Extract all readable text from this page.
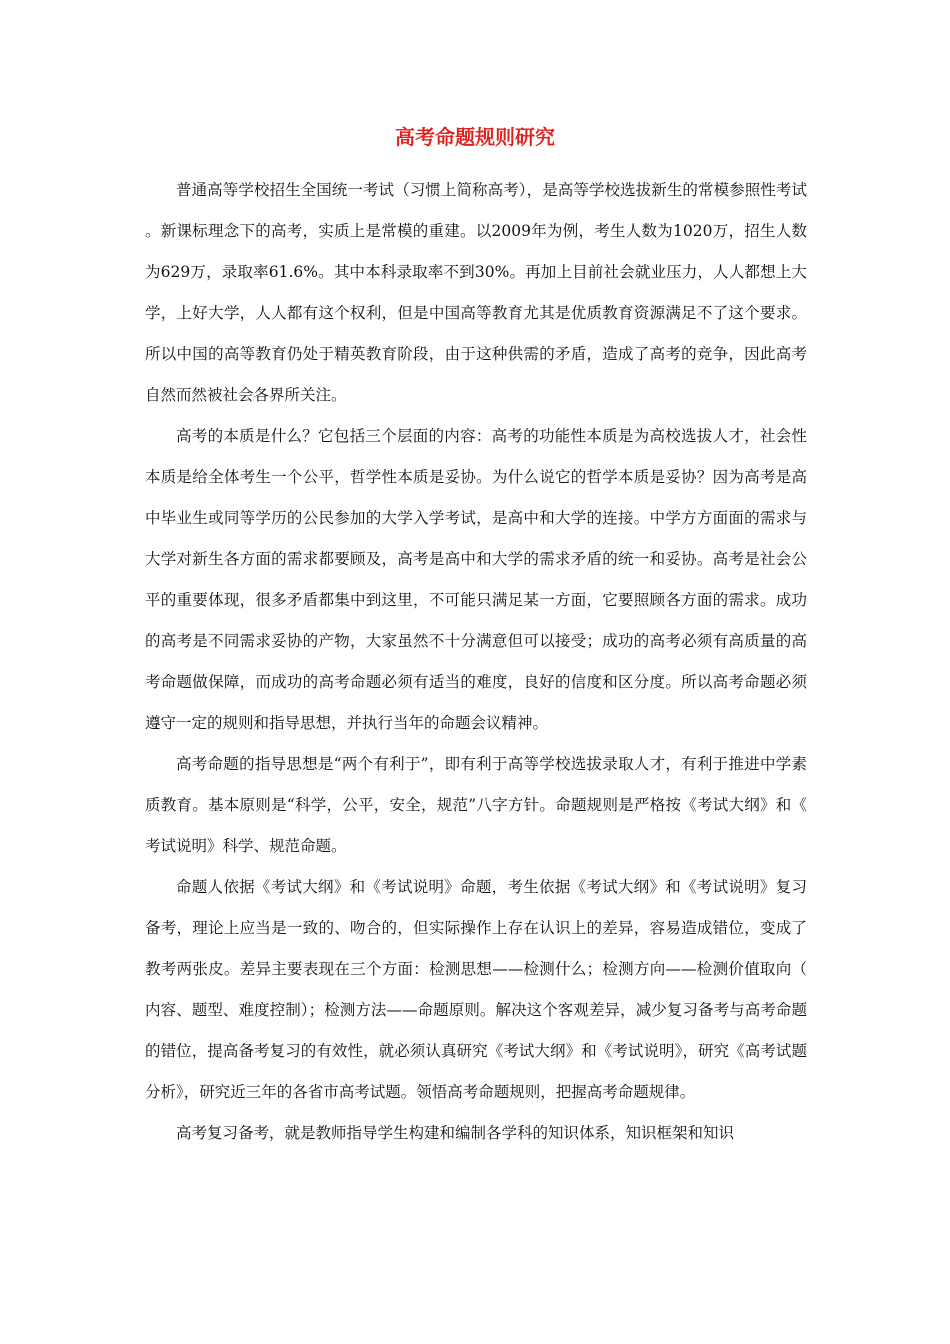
高考命题规则研究

普通高等学校招生全国统一考试（习惯上简称高考），是高等学校选拔新生的常模参照性考试。新课标理念下的高考，实质上是常模的重建。以2009年为例，考生人数为1020万，招生人数为629万，录取率61.6%。其中本科录取率不到30%。再加上目前社会就业压力，人人都想上大学，上好大学，人人都有这个权利，但是中国高等教育尤其是优质教育资源满足不了这个要求。所以中国的高等教育仍处于精英教育阶段，由于这种供需的矛盾，造成了高考的竞争，因此高考自然而然被社会各界所关注。

高考的本质是什么？它包括三个层面的内容：高考的功能性本质是为高校选拔人才，社会性本质是给全体考生一个公平，哲学性本质是妥协。为什么说它的哲学本质是妥协？因为高考是高中毕业生或同等学历的公民参加的大学入学考试，是高中和大学的连接。中学方方面面的需求与大学对新生各方面的需求都要顾及，高考是高中和大学的需求矛盾的统一和妥协。高考是社会公平的重要体现，很多矛盾都集中到这里，不可能只满足某一方面，它要照顾各方面的需求。成功的高考是不同需求妥协的产物，大家虽然不十分满意但可以接受；成功的高考必须有高质量的高考命题做保障，而成功的高考命题必须有适当的难度，良好的信度和区分度。所以高考命题必须遵守一定的规则和指导思想，并执行当年的命题会议精神。

高考命题的指导思想是“两个有利于”，即有利于高等学校选拔录取人才，有利于推进中学素质教育。基本原则是“科学，公平，安全，规范”八字方针。命题规则是严格按《考试大纲》和《考试说明》科学、规范命题。

命题人依据《考试大纲》和《考试说明》命题，考生依据《考试大纲》和《考试说明》复习备考，理论上应当是一致的、吻合的，但实际操作上存在认识上的差异，容易造成错位，变成了教考两张皮。差异主要表现在三个方面：检测思想——检测什么；检测方向——检测价值取向（内容、题型、难度控制）；检测方法——命题原则。解决这个客观差异，减少复习备考与高考命题的错位，提高备考复习的有效性，就必须认真研究《考试大纲》和《考试说明》，研究《高考试题分析》，研究近三年的各省市高考试题。领悟高考命题规则，把握高考命题规律。

高考复习备考，就是教师指导学生构建和编制各学科的知识体系，知识框架和知识
